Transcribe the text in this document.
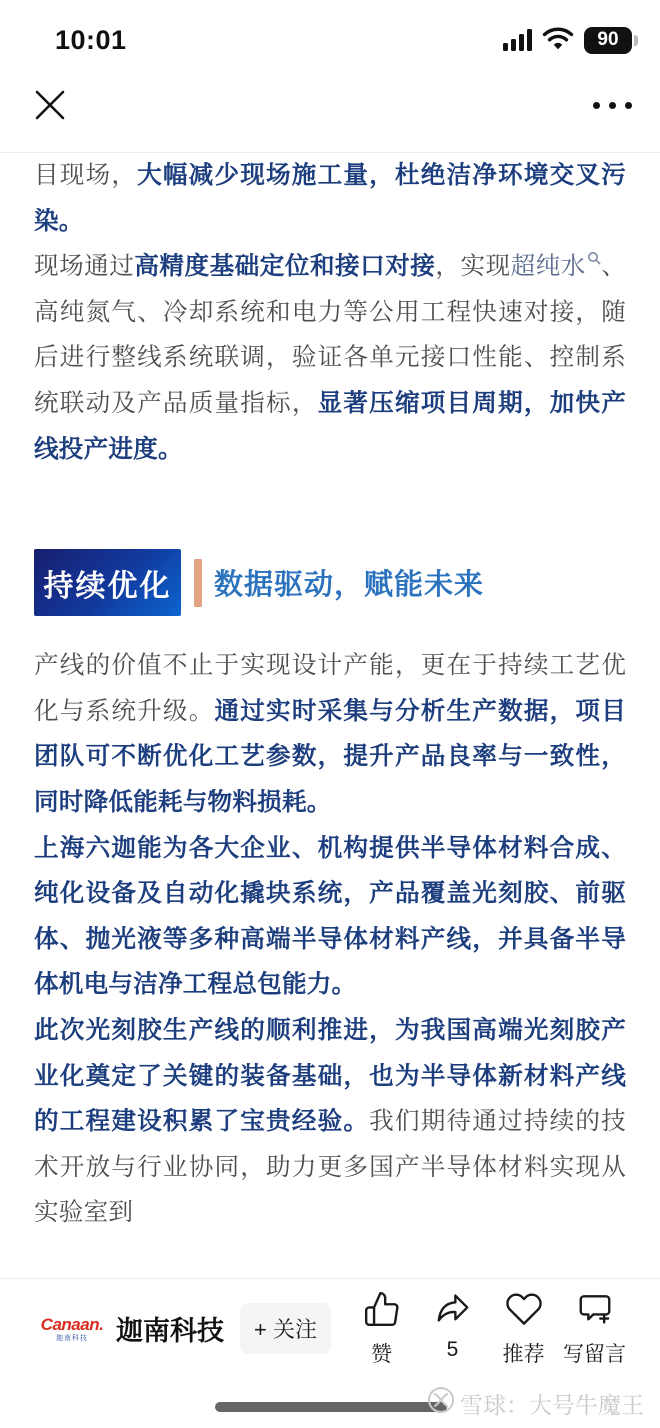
10:01	90

目现场，大幅减少现场施工量，杜绝洁净环境交叉污染。

现场通过高精度基础定位和接口对接，实现超纯水 、高纯氮气、冷却系统和电力等公用工程快速对接，随后进行整线系统联调，验证各单元接口性能、控制系统联动及产品质量指标，显著压缩项目周期，加快产线投产进度。

持续优化	数据驱动，赋能未来

产线的价值不止于实现设计产能，更在于持续工艺优化与系统升级。通过实时采集与分析生产数据，项目团队可不断优化工艺参数，提升产品良率与一致性，同时降低能耗与物料损耗。

上海六迦能为各大企业、机构提供半导体材料合成、纯化设备及自动化撬块系统，产品覆盖光刻胶、前驱体、抛光液等多种高端半导体材料产线，并具备半导体机电与洁净工程总包能力。

此次光刻胶生产线的顺利推进，为我国高端光刻胶产业化奠定了关键的装备基础，也为半导体新材料产线的工程建设积累了宝贵经验。我们期待通过持续的技术开放与行业协同，助力更多国产半导体材料实现从实验室到

Canaan.
迦南科技 迦南科技	+ 关注
赞	5 推荐 写留言
雪球：大号牛魔王
